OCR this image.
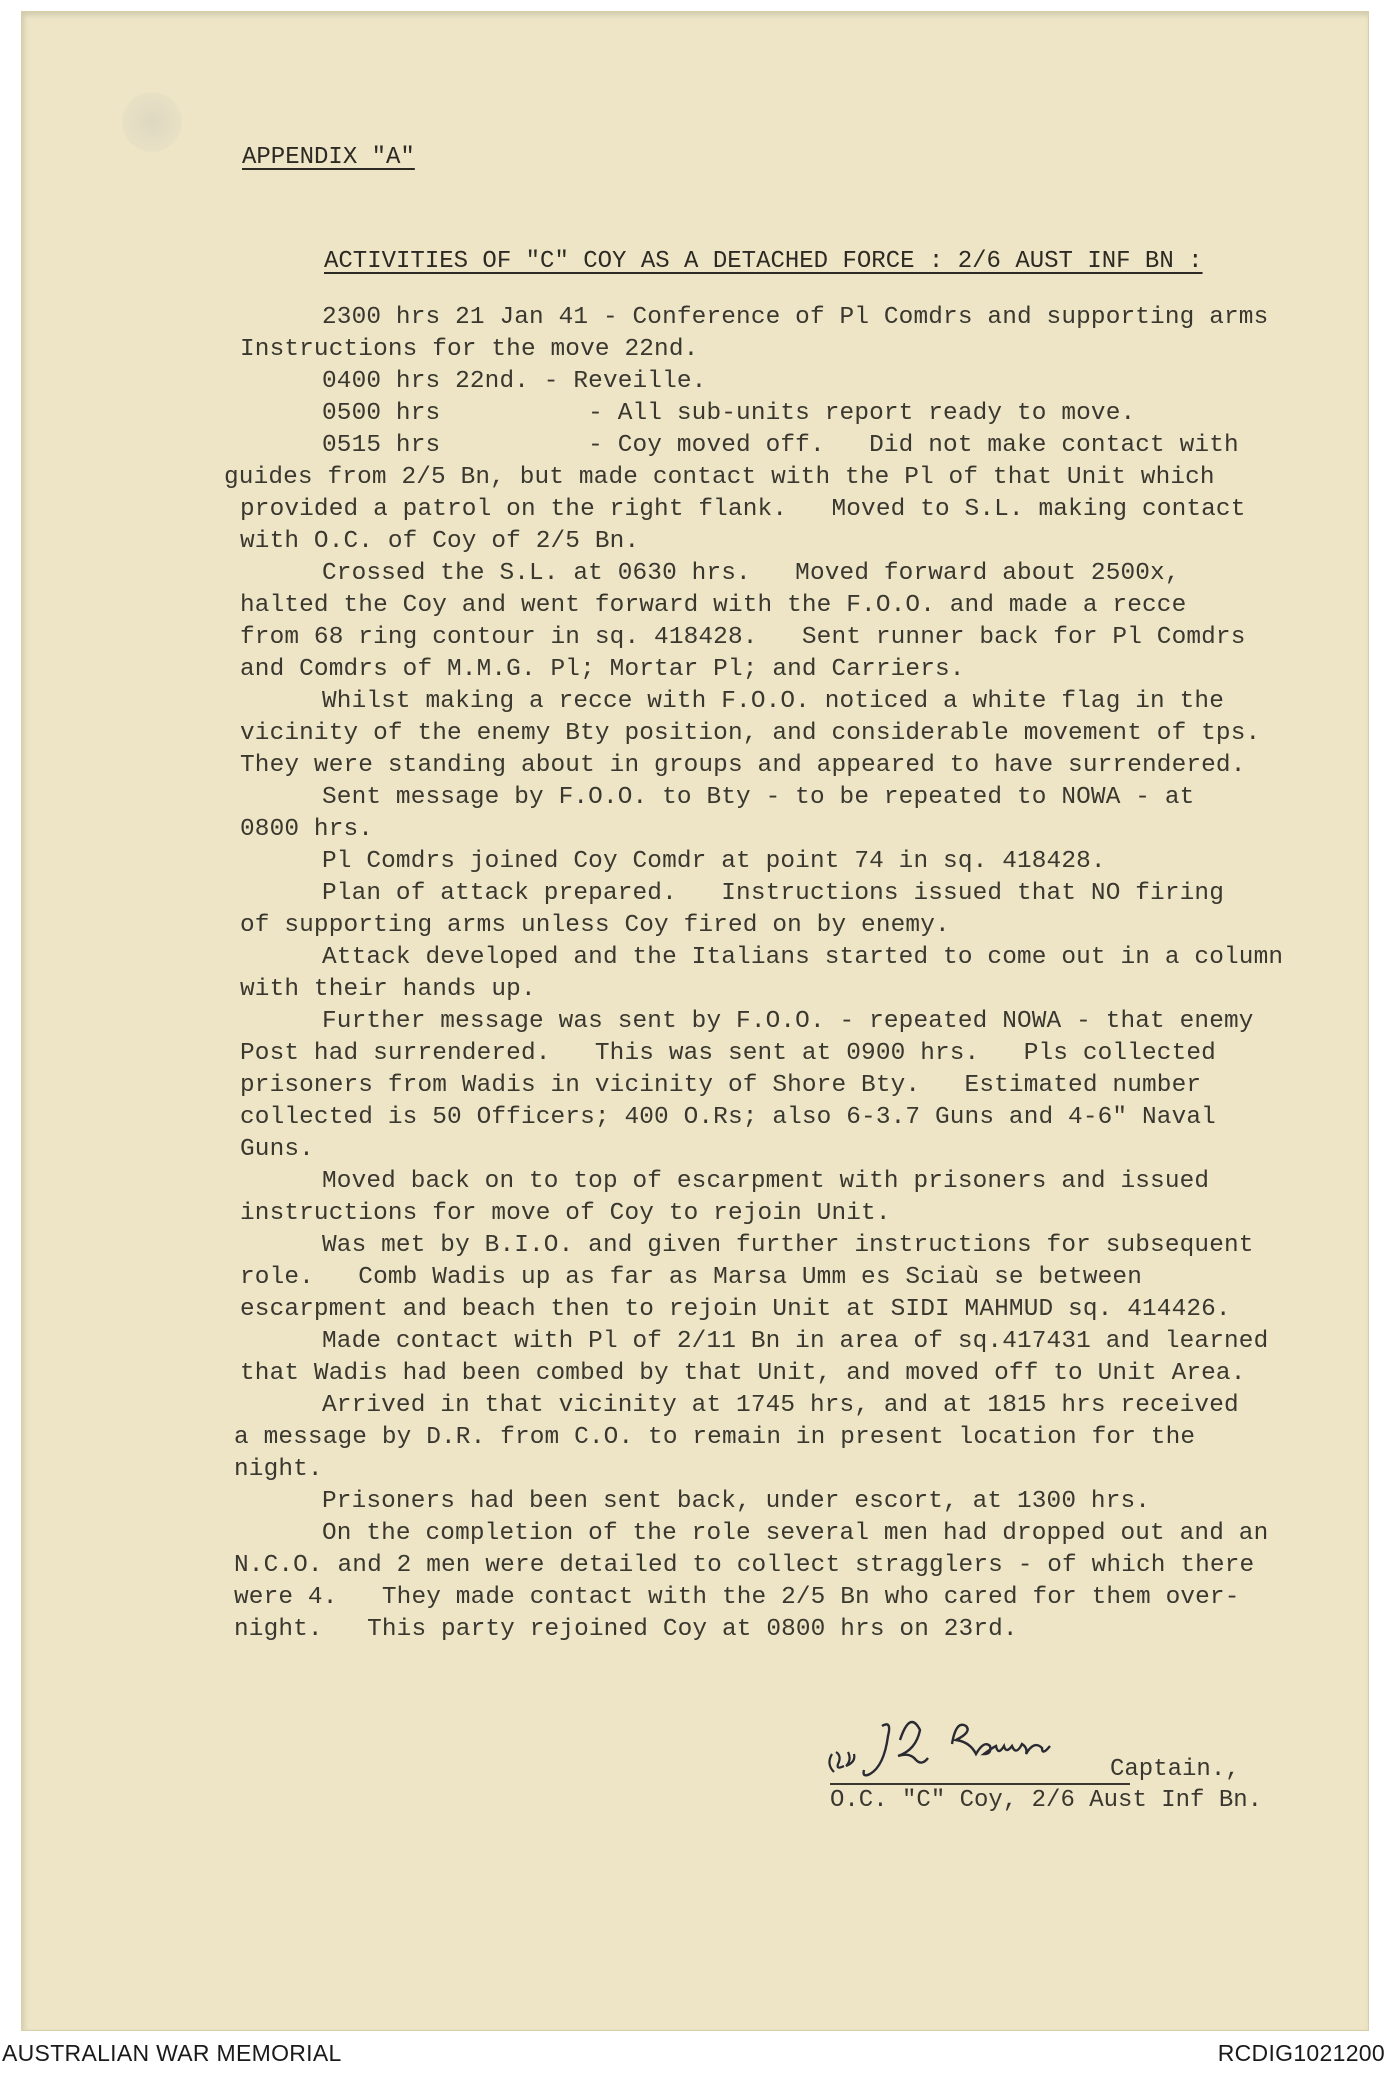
APPENDIX "A"
ACTIVITIES OF "C" COY AS A DETACHED FORCE : 2/6 AUST INF BN :
2300 hrs 21 Jan 41 - Conference of Pl Comdrs and supporting arms
Instructions for the move 22nd.
0400 hrs 22nd. - Reveille.
0500 hrs          - All sub-units report ready to move.
0515 hrs          - Coy moved off.   Did not make contact with
guides from 2/5 Bn, but made contact with the Pl of that Unit which
provided a patrol on the right flank.   Moved to S.L. making contact
with O.C. of Coy of 2/5 Bn.
Crossed the S.L. at 0630 hrs.   Moved forward about 2500x,
halted the Coy and went forward with the F.O.O. and made a recce
from 68 ring contour in sq. 418428.   Sent runner back for Pl Comdrs
and Comdrs of M.M.G. Pl; Mortar Pl; and Carriers.
Whilst making a recce with F.O.O. noticed a white flag in the
vicinity of the enemy Bty position, and considerable movement of tps.
They were standing about in groups and appeared to have surrendered.
Sent message by F.O.O. to Bty - to be repeated to NOWA - at
0800 hrs.
Pl Comdrs joined Coy Comdr at point 74 in sq. 418428.
Plan of attack prepared.   Instructions issued that NO firing
of supporting arms unless Coy fired on by enemy.
Attack developed and the Italians started to come out in a column
with their hands up.
Further message was sent by F.O.O. - repeated NOWA - that enemy
Post had surrendered.   This was sent at 0900 hrs.   Pls collected
prisoners from Wadis in vicinity of Shore Bty.   Estimated number
collected is 50 Officers; 400 O.Rs; also 6-3.7 Guns and 4-6" Naval
Guns.
Moved back on to top of escarpment with prisoners and issued
instructions for move of Coy to rejoin Unit.
Was met by B.I.O. and given further instructions for subsequent
role.   Comb Wadis up as far as Marsa Umm es Sciaù se between
escarpment and beach then to rejoin Unit at SIDI MAHMUD sq. 414426.
Made contact with Pl of 2/11 Bn in area of sq.417431 and learned
that Wadis had been combed by that Unit, and moved off to Unit Area.
Arrived in that vicinity at 1745 hrs, and at 1815 hrs received
a message by D.R. from C.O. to remain in present location for the
night.
Prisoners had been sent back, under escort, at 1300 hrs.
On the completion of the role several men had dropped out and an
N.C.O. and 2 men were detailed to collect stragglers - of which there
were 4.   They made contact with the 2/5 Bn who cared for them over-
night.   This party rejoined Coy at 0800 hrs on 23rd.
Captain.,
O.C. "C" Coy, 2/6 Aust Inf Bn.
AUSTRALIAN WAR MEMORIAL	RCDIG1021200
